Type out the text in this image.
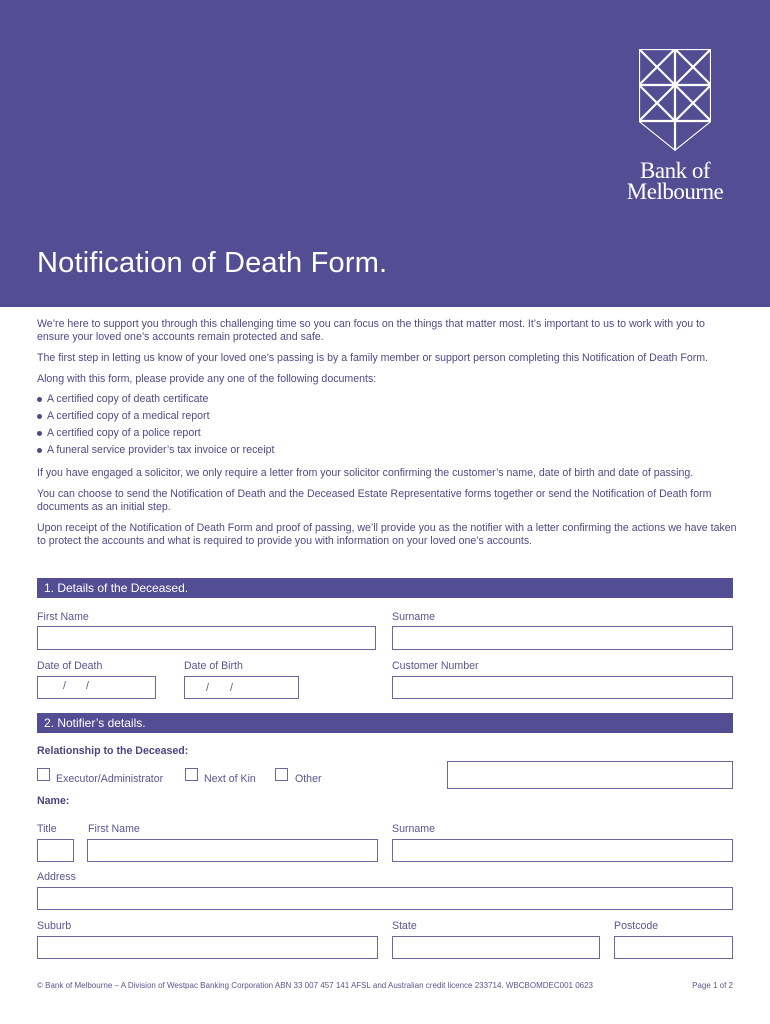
Bank of
Melbourne
Notification of Death Form.

We’re here to support you through this challenging time so you can focus on the things that matter most. It’s important to us to work with you to ensure your loved one’s accounts remain protected and safe.

The first step in letting us know of your loved one’s passing is by a family member or support person completing this Notification of Death Form.

Along with this form, please provide any one of the following documents:

A certified copy of death certificate
A certified copy of a medical report
A certified copy of a police report
A funeral service provider’s tax invoice or receipt

If you have engaged a solicitor, we only require a letter from your solicitor confirming the customer’s name, date of birth and date of passing.

You can choose to send the Notification of Death and the Deceased Estate Representative forms together or send the Notification of Death form documents as an initial step.

Upon receipt of the Notification of Death Form and proof of passing, we’ll provide you as the notifier with a letter confirming the actions we have taken to protect the accounts and what is required to provide you with information on your loved one’s accounts.

1. Details of the Deceased.
First Name	Surname
Date of Death	Date of Birth	Customer Number
/ /	/ /
2. Notifier’s details.
Relationship to the Deceased:
Executor/Administrator	Next of Kin	Other
Name:
Title	First Name	Surname
Address
Suburb	State	Postcode
© Bank of Melbourne – A Division of Westpac Banking Corporation ABN 33 007 457 141 AFSL and Australian credit licence 233714. WBCBOMDEC001 0623	Page 1 of 2
